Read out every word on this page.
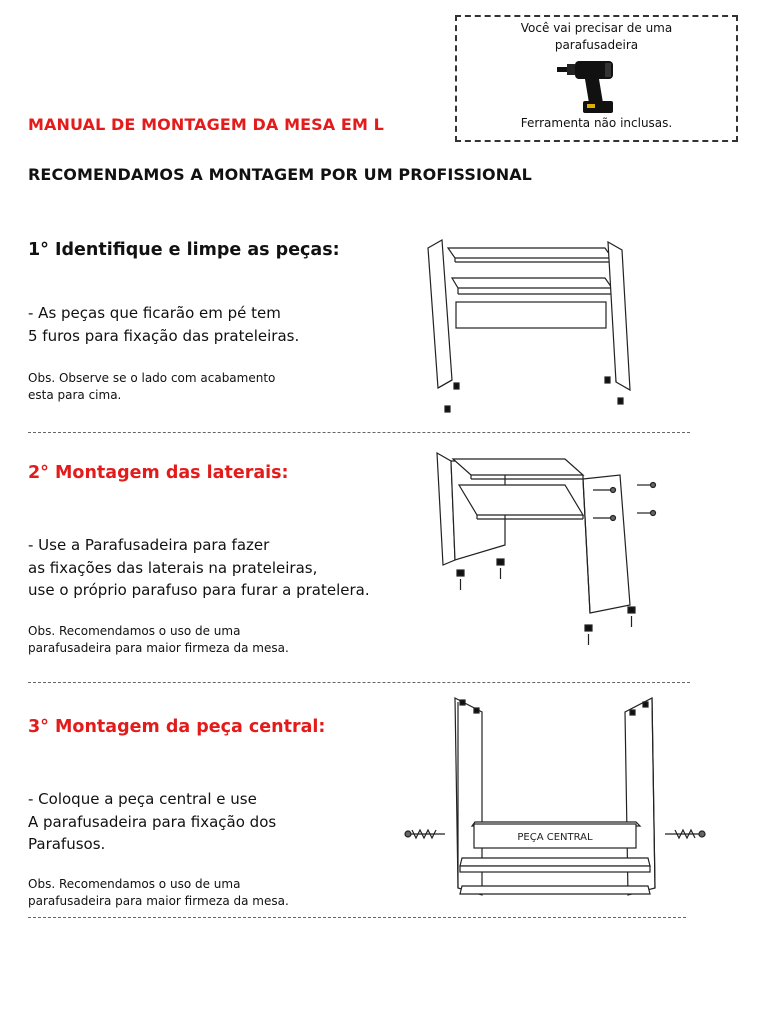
Você vai precisar de uma
parafusadeira
Ferramenta não inclusas.
MANUAL DE MONTAGEM DA MESA EM L
RECOMENDAMOS A MONTAGEM POR UM PROFISSIONAL
1° Identifique e limpe as peças:
- As peças que ficarão em pé tem
5 furos para fixação das prateleiras.
Obs. Observe se o lado com acabamento
esta para cima.
2° Montagem das laterais:
- Use a Parafusadeira para fazer
as fixações das laterais na prateleiras,
use o próprio parafuso para furar a pratelera.
Obs. Recomendamos o uso de uma
parafusadeira para maior firmeza da mesa.
3° Montagem da peça central:
- Coloque a peça central e use
A parafusadeira para fixação dos
Parafusos.
Obs. Recomendamos o uso de uma
parafusadeira para maior firmeza da mesa.
PEÇA CENTRAL
